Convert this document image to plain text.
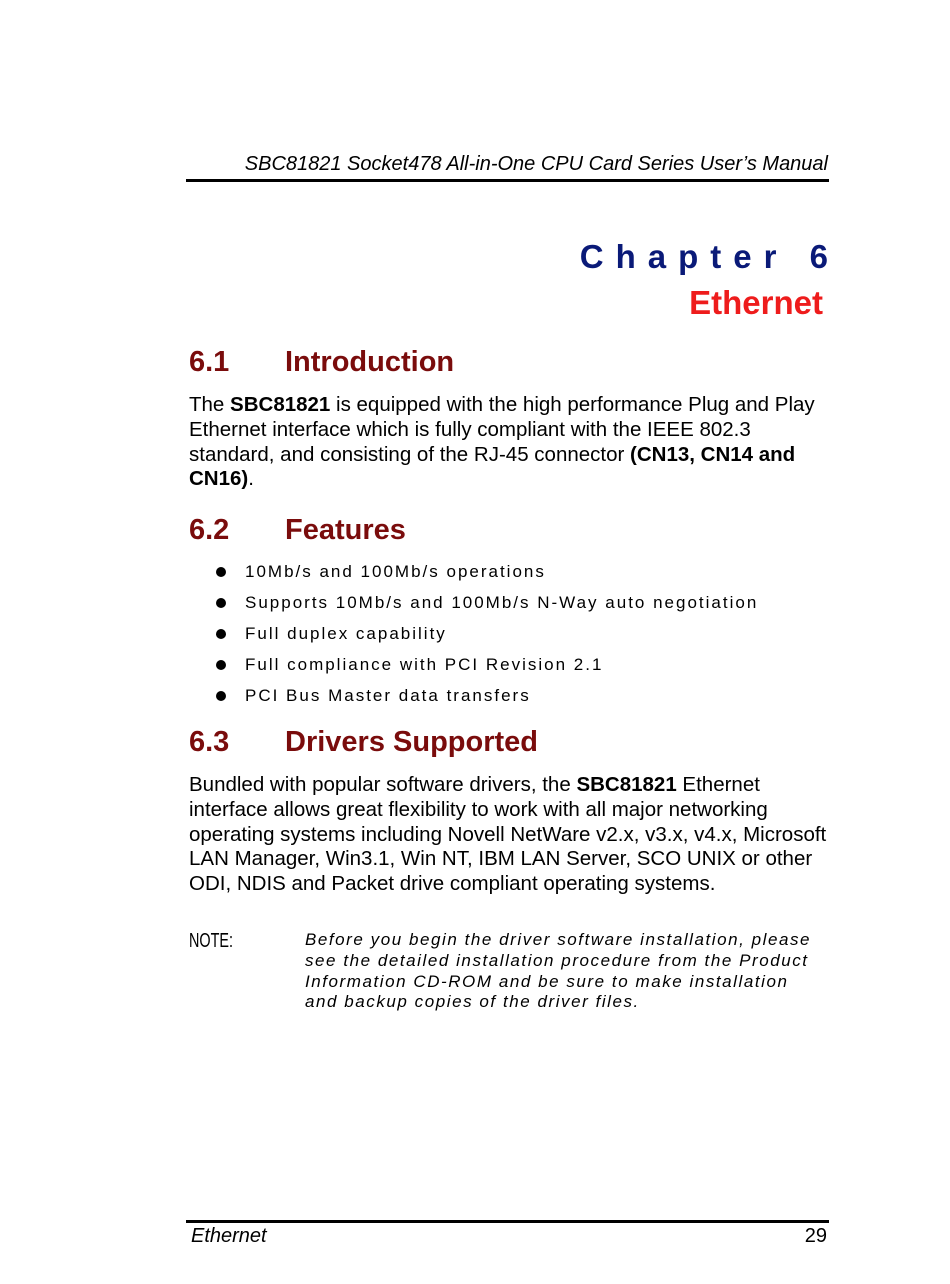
SBC81821 Socket478 All-in-One CPU Card Series User’s Manual
Chapter 6
Ethernet
6.1 Introduction
The SBC81821 is equipped with the high performance Plug and Play Ethernet interface which is fully compliant with the IEEE 802.3 standard, and consisting of the RJ-45 connector (CN13, CN14 and CN16).
6.2 Features
10Mb/s and 100Mb/s operations
Supports 10Mb/s and 100Mb/s N-Way auto negotiation
Full duplex capability
Full compliance with PCI Revision 2.1
PCI Bus Master data transfers
6.3 Drivers Supported
Bundled with popular software drivers, the SBC81821 Ethernet interface allows great flexibility to work with all major networking operating systems including Novell NetWare v2.x, v3.x, v4.x, Microsoft LAN Manager, Win3.1, Win NT, IBM LAN Server, SCO UNIX or other ODI, NDIS and Packet drive compliant operating systems.
NOTE:	Before you begin the driver software installation, please see the detailed installation procedure from the Product Information CD-ROM and be sure to make installation and backup copies of the driver files.
Ethernet	29
